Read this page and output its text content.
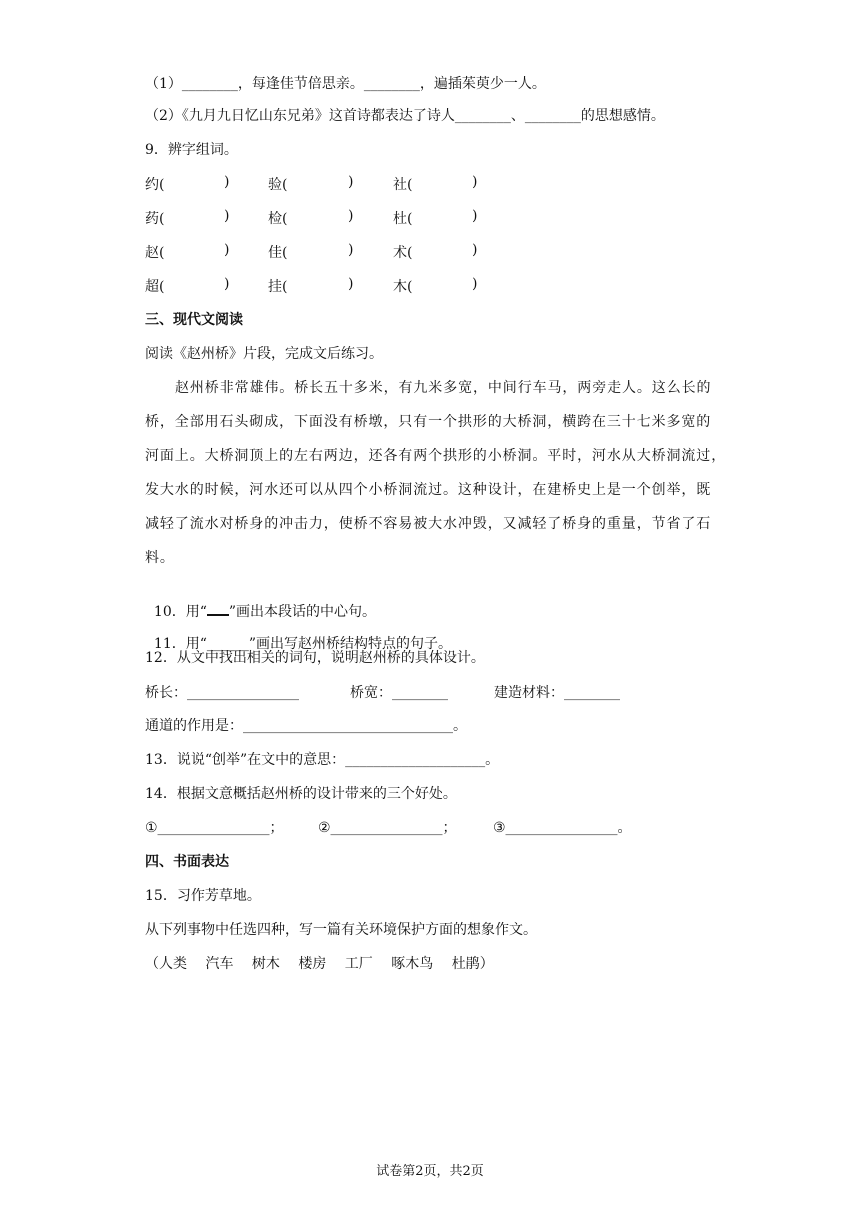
（1）________，每逢佳节倍思亲。________，遍插茱萸少一人。
（2）《九月九日忆山东兄弟》这首诗都表达了诗人________、________的思想感情。
9．辨字组词。
约(	)	验(	)	社(	)
药(	)	检(	)	杜(	)
赵(	)	佳(	)	术(	)
超(	)	挂(	)	木(	)
三、现代文阅读
阅读《赵州桥》片段，完成文后练习。
赵州桥非常雄伟。桥长五十多米，有九米多宽，中间行车马，两旁走人。这么长的
桥，全部用石头砌成，下面没有桥墩，只有一个拱形的大桥洞，横跨在三十七米多宽的
河面上。大桥洞顶上的左右两边，还各有两个拱形的小桥洞。平时，河水从大桥洞流过，
发大水的时候，河水还可以从四个小桥洞流过。这种设计，在建桥史上是一个创举，既
减轻了流水对桥身的冲击力，使桥不容易被大水冲毁，又减轻了桥身的重量，节省了石
料。

10．用“ ”画出本段话的中心句。

11．用“______”画出写赵州桥结构特点的句子。

12．从文中找出相关的词句，说明赵州桥的具体设计。
桥长：________________	桥宽：________	建造材料：________
通道的作用是：______________________________。
13．说说“创举”在文中的意思：____________________。
14．根据文意概括赵州桥的设计带来的三个好处。
①________________； ②________________；	③________________。
四、书面表达
15．习作芳草地。
从下列事物中任选四种，写一篇有关环境保护方面的想象作文。
（人类　 汽车　 树木　 楼房　 工厂　 啄木鸟　 杜鹃）
试卷第2页，共2页
